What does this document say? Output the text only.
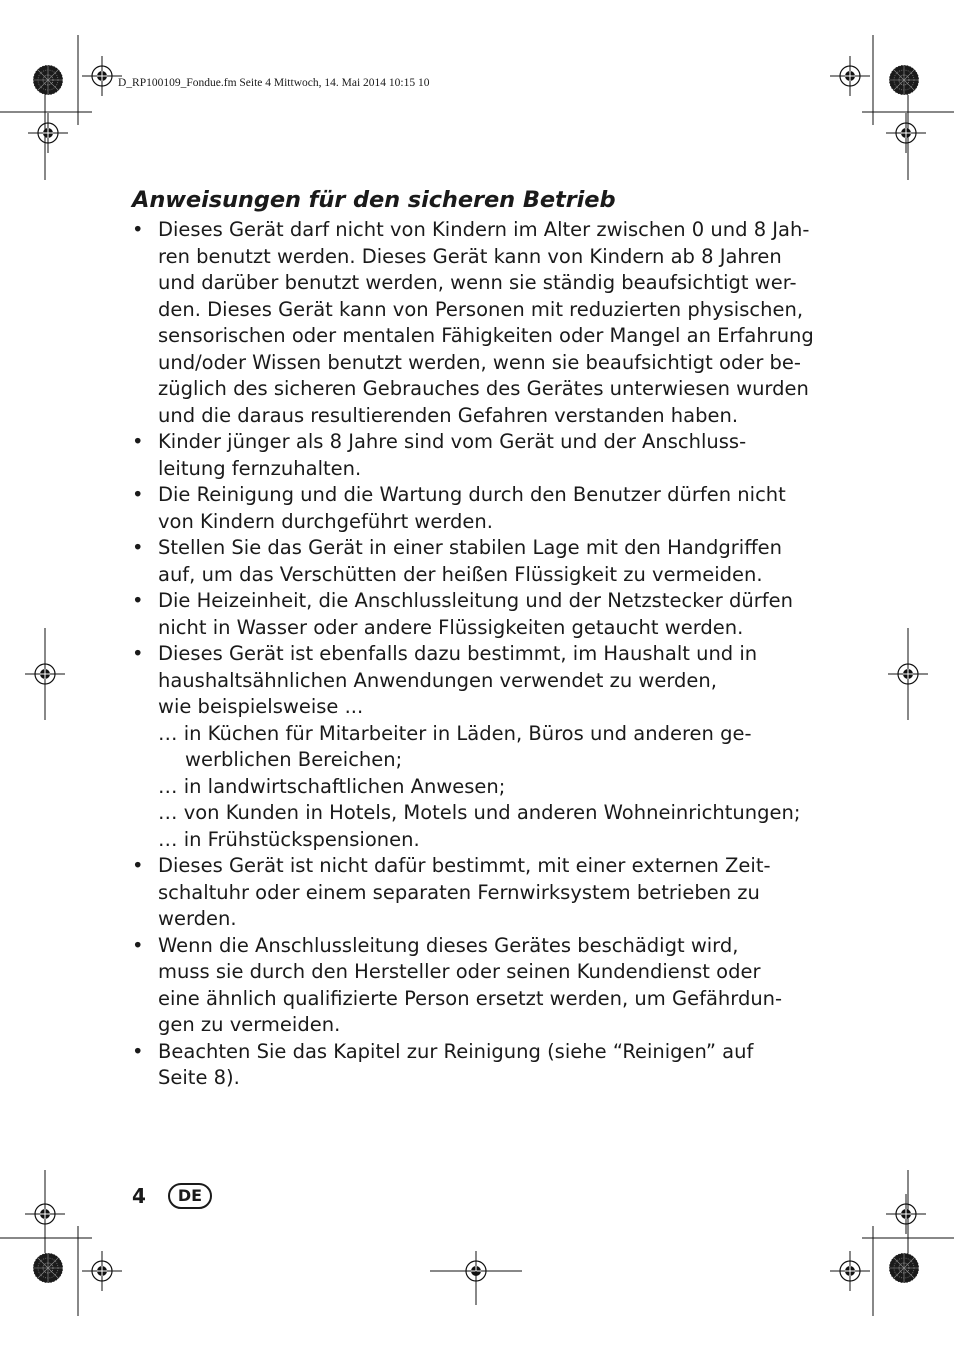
D_RP100109_Fondue.fm Seite 4 Mittwoch, 14. Mai 2014 10:15 10
Anweisungen für den sicheren Betrieb
• Dieses Gerät darf nicht von Kindern im Alter zwischen 0 und 8 Jah-
ren benutzt werden. Dieses Gerät kann von Kindern ab 8 Jahren
und darüber benutzt werden, wenn sie ständig beaufsichtigt wer-
den. Dieses Gerät kann von Personen mit reduzierten physischen,
sensorischen oder mentalen Fähigkeiten oder Mangel an Erfahrung
und/oder Wissen benutzt werden, wenn sie beaufsichtigt oder be-
züglich des sicheren Gebrauches des Gerätes unterwiesen wurden
und die daraus resultierenden Gefahren verstanden haben.
• Kinder jünger als 8 Jahre sind vom Gerät und der Anschluss-
leitung fernzuhalten.
• Die Reinigung und die Wartung durch den Benutzer dürfen nicht
von Kindern durchgeführt werden.
• Stellen Sie das Gerät in einer stabilen Lage mit den Handgriffen
auf, um das Verschütten der heißen Flüssigkeit zu vermeiden.
• Die Heizeinheit, die Anschlussleitung und der Netzstecker dürfen
nicht in Wasser oder andere Flüssigkeiten getaucht werden.
• Dieses Gerät ist ebenfalls dazu bestimmt, im Haushalt und in
haushaltsähnlichen Anwendungen verwendet zu werden,
wie beispielsweise ...
… in Küchen für Mitarbeiter in Läden, Büros und anderen ge-
werblichen Bereichen;
… in landwirtschaftlichen Anwesen;
… von Kunden in Hotels, Motels und anderen Wohneinrichtungen;
… in Frühstückspensionen.
• Dieses Gerät ist nicht dafür bestimmt, mit einer externen Zeit-
schaltuhr oder einem separaten Fernwirksystem betrieben zu
werden.
• Wenn die Anschlussleitung dieses Gerätes beschädigt wird,
muss sie durch den Hersteller oder seinen Kundendienst oder
eine ähnlich qualifizierte Person ersetzt werden, um Gefährdun-
gen zu vermeiden.
• Beachten Sie das Kapitel zur Reinigung (siehe “Reinigen” auf
Seite 8).
4	DE
